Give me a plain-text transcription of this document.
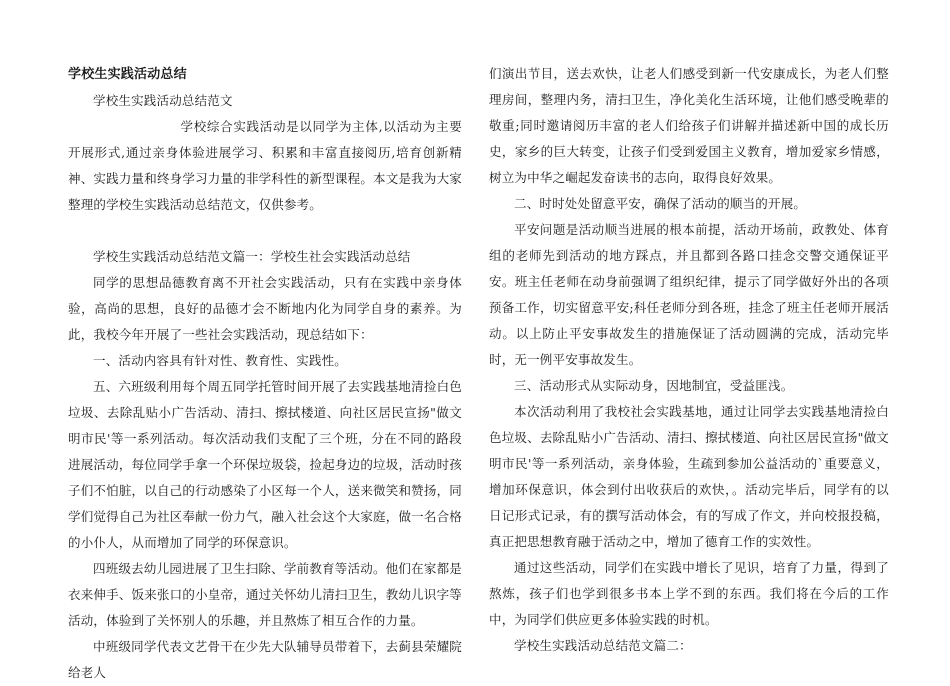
学校生实践活动总结

学校生实践活动总结范文

学校综合实践活动是以同学为主体,以活动为主要开展形式,通过亲身体验进展学习、积累和丰富直接阅历,培育创新精神、实践力量和终身学习力量的非学科性的新型课程。本文是我为大家整理的学校生实践活动总结范文，仅供参考。

学校生实践活动总结范文篇一：学校生社会实践活动总结

同学的思想品德教育离不开社会实践活动，只有在实践中亲身体验，高尚的思想，良好的品德才会不断地内化为同学自身的素养。为此，我校今年开展了一些社会实践活动，现总结如下：

一、活动内容具有针对性、教育性、实践性。

五、六班级利用每个周五同学托管时间开展了去实践基地清捡白色垃圾、去除乱贴小广告活动、清扫、擦拭楼道、向社区居民宣扬"做文明市民'等一系列活动。每次活动我们支配了三个班，分在不同的路段进展活动，每位同学手拿一个环保垃圾袋，捡起身边的垃圾，活动时孩子们不怕脏，以自己的行动感染了小区每一个人，送来微笑和赞扬，同学们觉得自己为社区奉献一份力气，融入社会这个大家庭，做一名合格的小仆人，从而增加了同学的环保意识。

四班级去幼儿园进展了卫生扫除、学前教育等活动。他们在家都是衣来伸手、饭来张口的小皇帝，通过关怀幼儿清扫卫生，教幼儿识字等活动，体验到了关怀别人的乐趣，并且熬炼了相互合作的力量。

中班级同学代表文艺骨干在少先大队辅导员带着下，去蓟县荣耀院给老人

们演出节目，送去欢快，让老人们感受到新一代安康成长，为老人们整理房间，整理内务，清扫卫生，净化美化生活环境，让他们感受晚辈的敬重;同时邀请阅历丰富的老人们给孩子们讲解并描述新中国的成长历史，家乡的巨大转变，让孩子们受到爱国主义教育，增加爱家乡情感，树立为中华之崛起发奋读书的志向，取得良好效果。

二、时时处处留意平安，确保了活动的顺当的开展。

平安问题是活动顺当进展的根本前提，活动开场前，政教处、体育组的老师先到活动的地方踩点，并且都到各路口挂念交警交通保证平安。班主任老师在动身前强调了组织纪律，提示了同学做好外出的各项预备工作，切实留意平安;科任老师分到各班，挂念了班主任老师开展活动。以上防止平安事故发生的措施保证了活动圆满的完成，活动完毕时，无一例平安事故发生。

三、活动形式从实际动身，因地制宜，受益匪浅。

本次活动利用了我校社会实践基地，通过让同学去实践基地清捡白色垃圾、去除乱贴小广告活动、清扫、擦拭楼道、向社区居民宣扬"做文明市民'等一系列活动，亲身体验，生疏到参加公益活动的`重要意义，增加环保意识，体会到付出收获后的欢快，。活动完毕后，同学有的以日记形式记录，有的撰写活动体会，有的写成了作文，并向校报投稿，真正把思想教育融于活动之中，增加了德育工作的实效性。

通过这些活动，同学们在实践中增长了见识，培育了力量，得到了熬炼，孩子们也学到很多书本上学不到的东西。我们将在今后的工作中，为同学们供应更多体验实践的时机。

学校生实践活动总结范文篇二：
